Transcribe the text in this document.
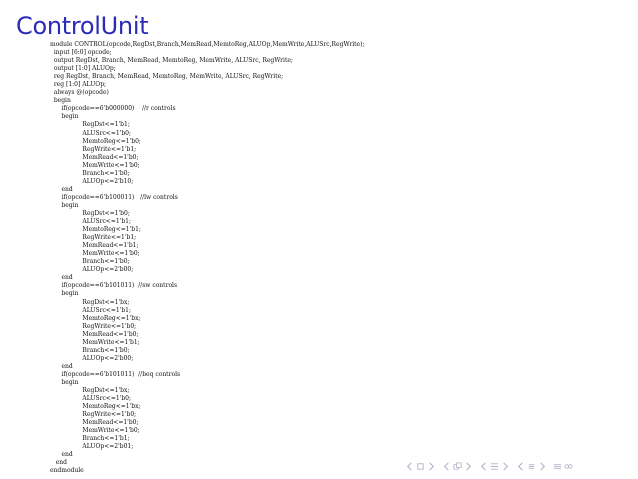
ControlUnit
module CONTROL(opcode,RegDst,Branch,MemRead,MemtoReg,ALUOp,MemWrite,ALUSrc,RegWrite);
input [6:0] opcode;
output RegDst, Branch, MemRead, MemtoReg, MemWrite, ALUSrc, RegWrite;
output [1:0] ALUOp;
reg RegDst, Branch, MemRead, MemtoReg, MemWrite, ALUSrc, RegWrite;
reg [1:0] ALUOp;
always @(opcode)
begin
if(opcode==6'b000000)    //r controls
begin
RegDst<=1'b1;
ALUSrc<=1'b0;
MemtoReg<=1'b0;
RegWrite<=1'b1;
MemRead<=1'b0;
MemWrite<=1'b0;
Branch<=1'b0;
ALUOp<=2'b10;
end
if(opcode==6'b100011)   //lw controls
begin
RegDst<=1'b0;
ALUSrc<=1'b1;
MemtoReg<=1'b1;
RegWrite<=1'b1;
MemRead<=1'b1;
MemWrite<=1'b0;
Branch<=1'b0;
ALUOp<=2'b00;
end
if(opcode==6'b101011)  //sw controls
begin
RegDst<=1'bx;
ALUSrc<=1'b1;
MemtoReg<=1'bx;
RegWrite<=1'b0;
MemRead<=1'b0;
MemWrite<=1'b1;
Branch<=1'b0;
ALUOp<=2'b00;
end
if(opcode==6'b101011)  //beq controls
begin
RegDst<=1'bx;
ALUSrc<=1'b0;
MemtoReg<=1'bx;
RegWrite<=1'b0;
MemRead<=1'b0;
MemWrite<=1'b0;
Branch<=1'b1;
ALUOp<=2'b01;
end
end
endmodule
